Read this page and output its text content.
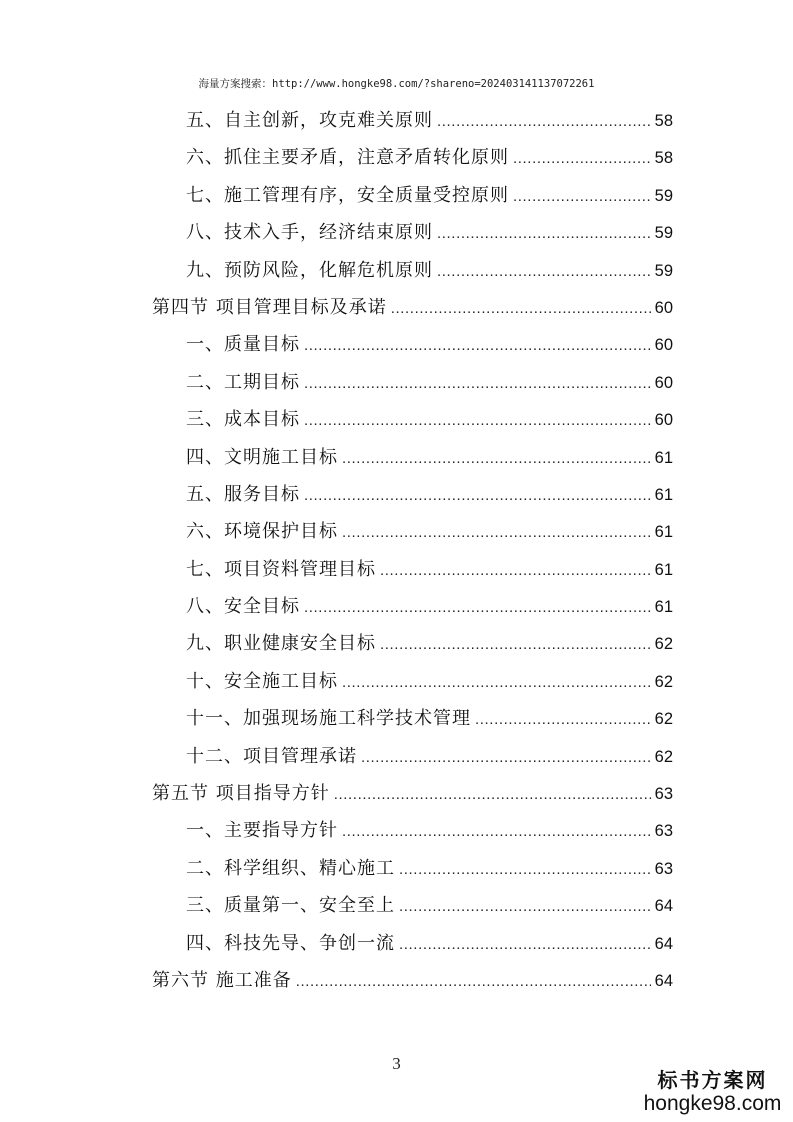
海量方案搜索：http://www.hongke98.com/?shareno=202403141137072261
五、自主创新，攻克难关原则 .....	58
六、抓住主要矛盾，注意矛盾转化原则 .....	58
七、施工管理有序，安全质量受控原则 .....	59
八、技术入手，经济结束原则 .....	59
九、预防风险，化解危机原则 .....	59
第四节 项目管理目标及承诺 .....	60
一、质量目标 .....	60
二、工期目标 .....	60
三、成本目标 .....	60
四、文明施工目标 .....	61
五、服务目标 .....	61
六、环境保护目标 .....	61
七、项目资料管理目标 .....	61
八、安全目标 .....	61
九、职业健康安全目标 .....	62
十、安全施工目标 .....	62
十一、加强现场施工科学技术管理 .....	62
十二、项目管理承诺 .....	62
第五节 项目指导方针 .....	63
一、主要指导方针 .....	63
二、科学组织、精心施工 .....	63
三、质量第一、安全至上 .....	64
四、科技先导、争创一流 .....	64
第六节 施工准备 .....	64
3
标书方案网
hongke98.com
